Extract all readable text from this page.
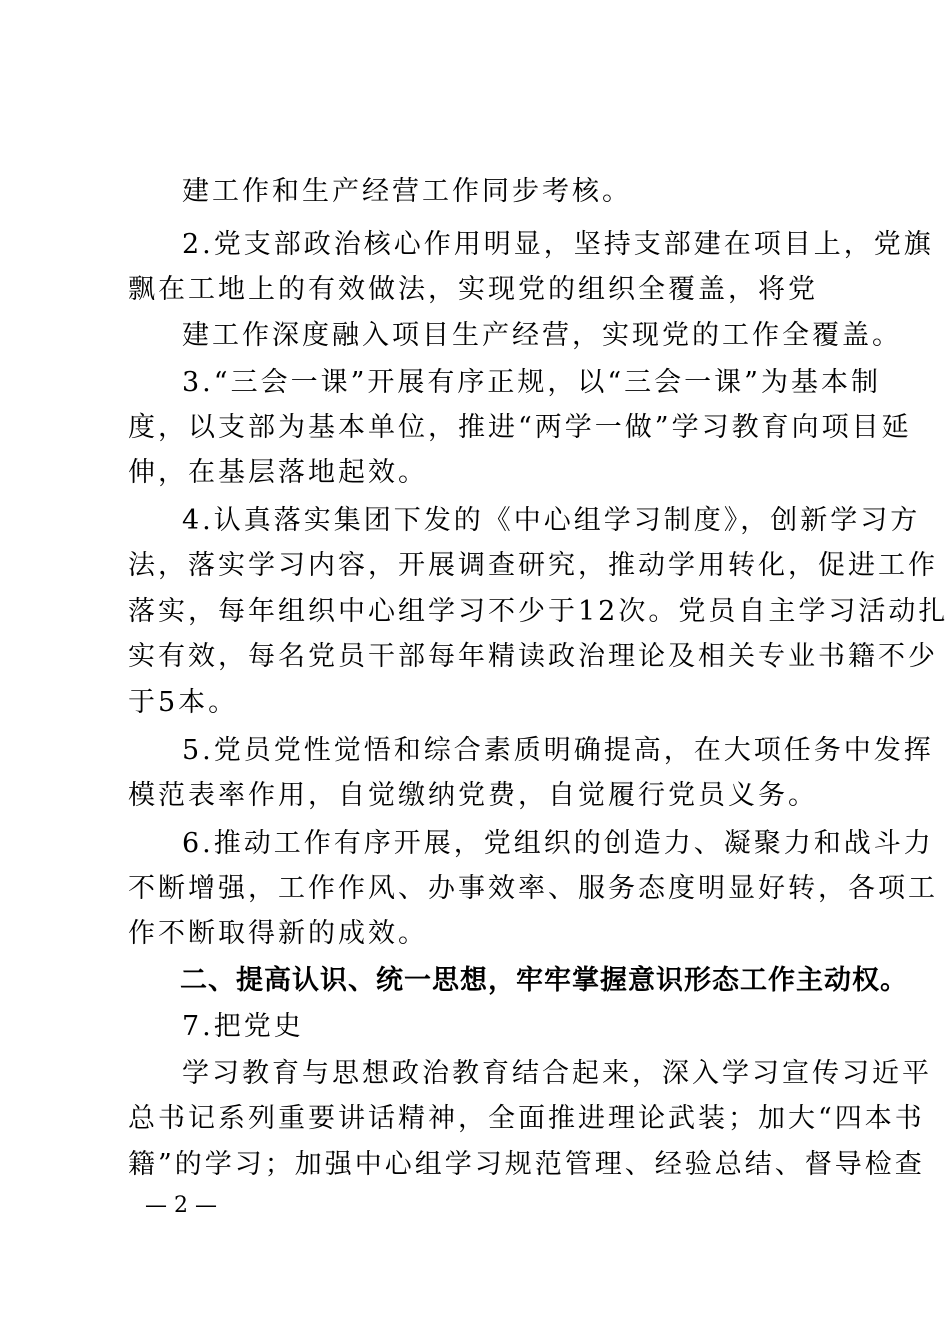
建工作和生产经营工作同步考核。
2.党支部政治核心作用明显，坚持支部建在项目上，党旗
飘在工地上的有效做法，实现党的组织全覆盖，将党
建工作深度融入项目生产经营，实现党的工作全覆盖。
3.“三会一课”开展有序正规，以“三会一课”为基本制
度，以支部为基本单位，推进“两学一做”学习教育向项目延
伸，在基层落地起效。
4.认真落实集团下发的《中心组学习制度》，创新学习方
法，落实学习内容，开展调查研究，推动学用转化，促进工作
落实，每年组织中心组学习不少于12次。党员自主学习活动扎
实有效，每名党员干部每年精读政治理论及相关专业书籍不少
于5本。
5.党员党性觉悟和综合素质明确提高，在大项任务中发挥
模范表率作用，自觉缴纳党费，自觉履行党员义务。
6.推动工作有序开展，党组织的创造力、凝聚力和战斗力
不断增强，工作作风、办事效率、服务态度明显好转，各项工
作不断取得新的成效。
二、提高认识、统一思想，牢牢掌握意识形态工作主动权。
7.把党史
学习教育与思想政治教育结合起来，深入学习宣传习近平
总书记系列重要讲话精神，全面推进理论武装；加大“四本书
籍”的学习；加强中心组学习规范管理、经验总结、督导检查
— 2 —
